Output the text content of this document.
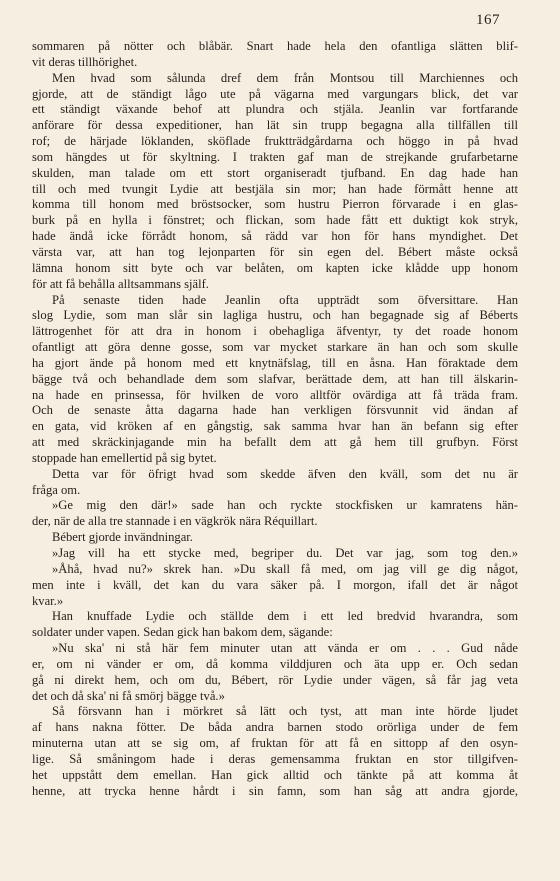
167
sommaren på nötter och blåbär. Snart hade hela den ofantliga slätten blif-
vit deras tillhörighet.
Men hvad som sålunda dref dem från Montsou till Marchiennes och
gjorde, att de ständigt lågo ute på vägarna med vargungars blick, det var
ett ständigt växande behof att plundra och stjäla. Jeanlin var fortfarande
anförare för dessa expeditioner, han lät sin trupp begagna alla tillfällen till
rof; de härjade löklanden, sköflade fruktträdgårdarna och höggo in på hvad
som hängdes ut för skyltning. I trakten gaf man de strejkande grufarbetarne
skulden, man talade om ett stort organiseradt tjufband. En dag hade han
till och med tvungit Lydie att bestjäla sin mor; han hade förmått henne att
komma till honom med bröstsocker, som hustru Pierron förvarade i en glas-
burk på en hylla i fönstret; och flickan, som hade fått ett duktigt kok stryk,
hade ändå icke förrådt honom, så rädd var hon för hans myndighet. Det
värsta var, att han tog lejonparten för sin egen del. Bébert måste också
lämna honom sitt byte och var belåten, om kapten icke klådde upp honom
för att få behålla alltsammans själf.
På senaste tiden hade Jeanlin ofta uppträdt som öfversittare. Han
slog Lydie, som man slår sin lagliga hustru, och han begagnade sig af Béberts
lättrogenhet för att dra in honom i obehagliga äfventyr, ty det roade honom
ofantligt att göra denne gosse, som var mycket starkare än han och som skulle
ha gjort ände på honom med ett knytnäfslag, till en åsna. Han föraktade dem
bägge två och behandlade dem som slafvar, berättade dem, att han till älskarin-
na hade en prinsessa, för hvilken de voro alltför ovärdiga att få träda fram.
Och de senaste åtta dagarna hade han verkligen försvunnit vid ändan af
en gata, vid kröken af en gångstig, sak samma hvar han än befann sig efter
att med skräckinjagande min ha befallt dem att gå hem till grufbyn. Först
stoppade han emellertid på sig bytet.
Detta var för öfrigt hvad som skedde äfven den kväll, som det nu är
fråga om.
»Ge mig den där!» sade han och ryckte stockfisken ur kamratens hän-
der, när de alla tre stannade i en vägkrök nära Réquillart.
Bébert gjorde invändningar.
»Jag vill ha ett stycke med, begriper du. Det var jag, som tog den.»
»Åhå, hvad nu?» skrek han. »Du skall få med, om jag vill ge dig något,
men inte i kväll, det kan du vara säker på. I morgon, ifall det är något
kvar.»
Han knuffade Lydie och ställde dem i ett led bredvid hvarandra, som
soldater under vapen. Sedan gick han bakom dem, sägande:
»Nu ska' ni stå här fem minuter utan att vända er om . . . Gud nåde
er, om ni vänder er om, då komma vilddjuren och äta upp er. Och sedan
gå ni direkt hem, och om du, Bébert, rör Lydie under vägen, så får jag veta
det och då ska' ni få smörj bägge två.»
Så försvann han i mörkret så lätt och tyst, att man inte hörde ljudet
af hans nakna fötter. De båda andra barnen stodo orörliga under de fem
minuterna utan att se sig om, af fruktan för att få en sittopp af den osyn-
lige. Så småningom hade i deras gemensamma fruktan en stor tillgifven-
het uppstått dem emellan. Han gick alltid och tänkte på att komma åt
henne, att trycka henne hårdt i sin famn, som han såg att andra gjorde,
